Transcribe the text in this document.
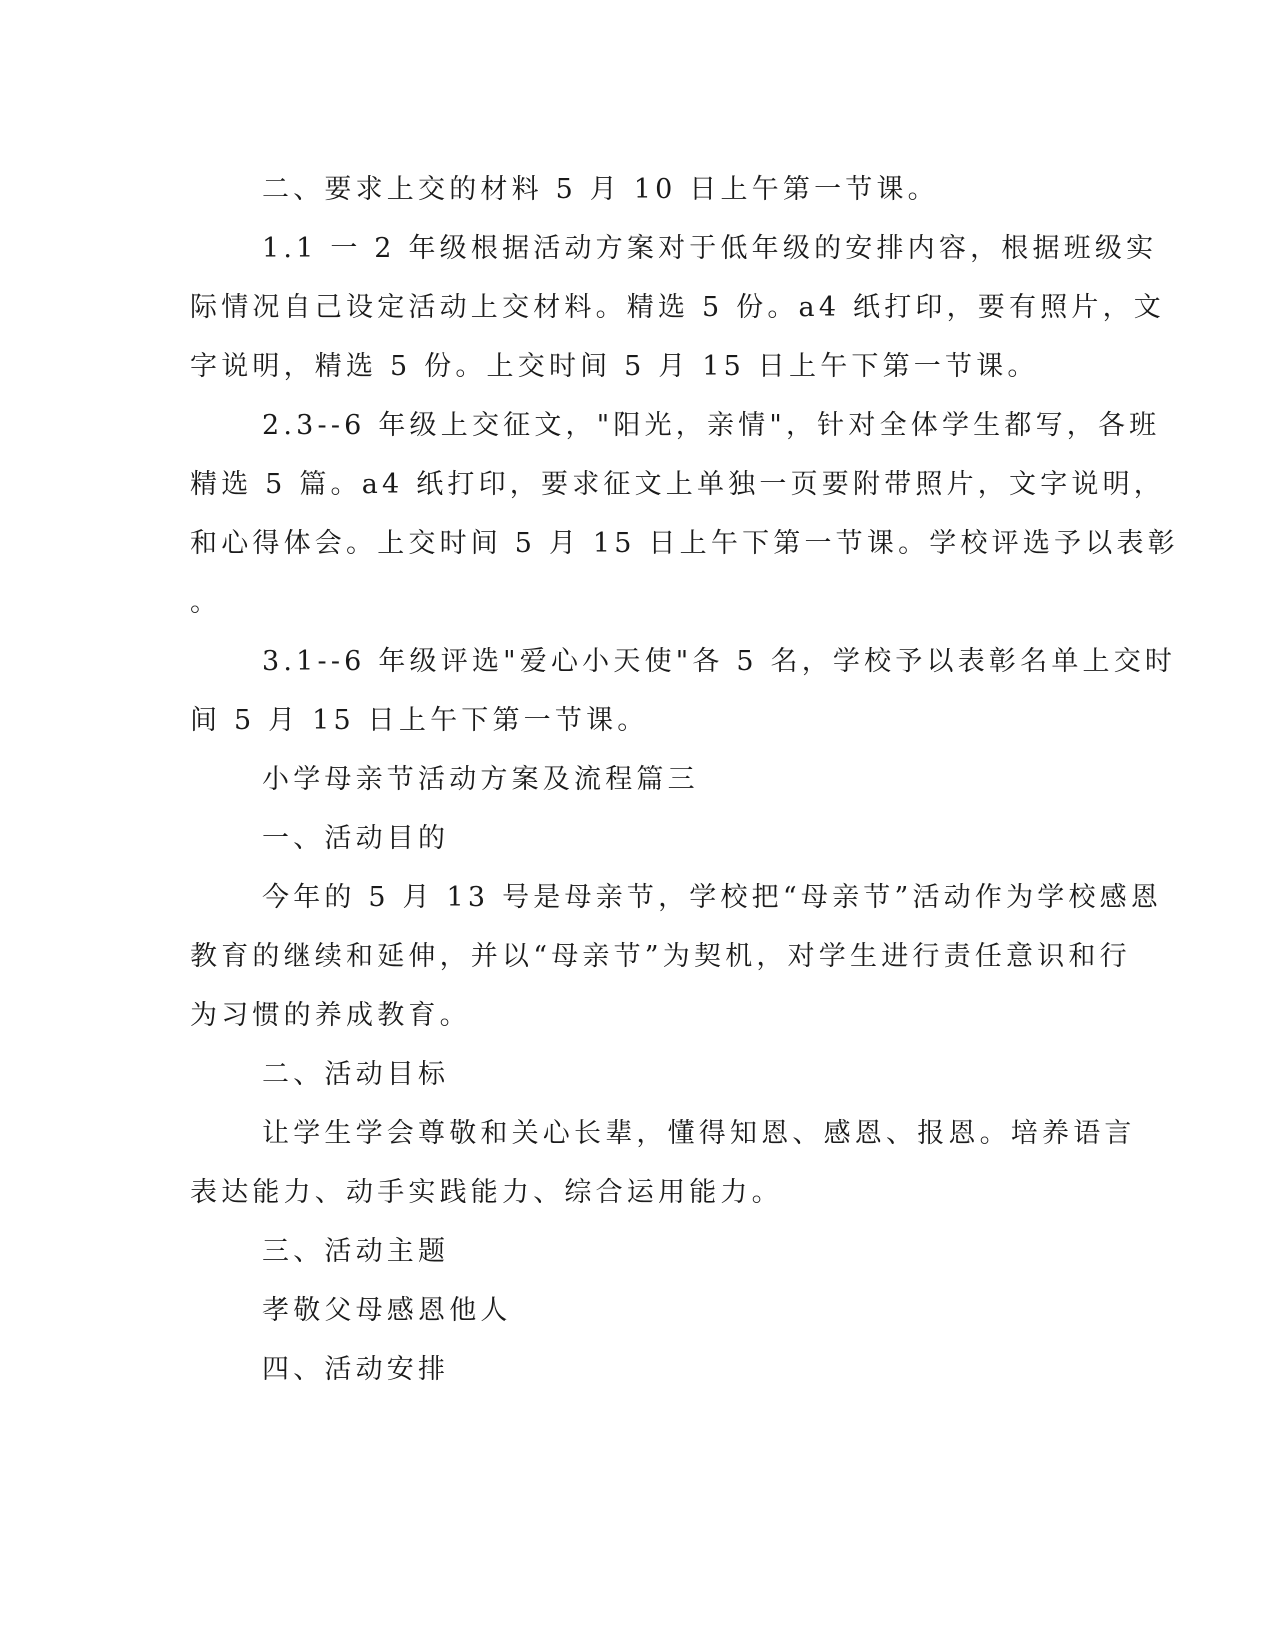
二、要求上交的材料 5 月 10 日上午第一节课。
1.1 一 2 年级根据活动方案对于低年级的安排内容，根据班级实
际情况自己设定活动上交材料。精选 5 份。a4 纸打印，要有照片，文
字说明，精选 5 份。上交时间 5 月 15 日上午下第一节课。
2.3--6 年级上交征文，"阳光，亲情"，针对全体学生都写，各班
精选 5 篇。a4 纸打印，要求征文上单独一页要附带照片，文字说明，
和心得体会。上交时间 5 月 15 日上午下第一节课。学校评选予以表彰
。
3.1--6 年级评选"爱心小天使"各 5 名，学校予以表彰名单上交时
间 5 月 15 日上午下第一节课。
小学母亲节活动方案及流程篇三
一、活动目的
今年的 5 月 13 号是母亲节，学校把“母亲节”活动作为学校感恩
教育的继续和延伸，并以“母亲节”为契机，对学生进行责任意识和行
为习惯的养成教育。
二、活动目标
让学生学会尊敬和关心长辈，懂得知恩、感恩、报恩。培养语言
表达能力、动手实践能力、综合运用能力。
三、活动主题
孝敬父母感恩他人
四、活动安排
